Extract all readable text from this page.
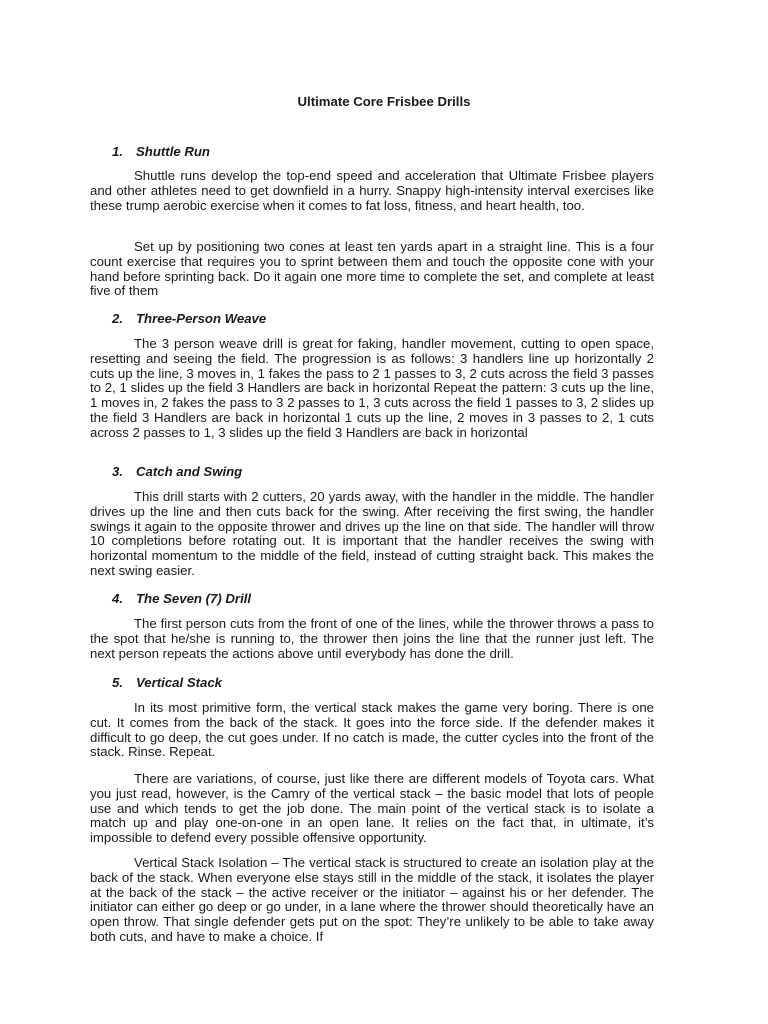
Ultimate Core Frisbee Drills
1. Shuttle Run

Shuttle runs develop the top-end speed and acceleration that Ultimate Frisbee players and other athletes need to get downfield in a hurry. Snappy high-intensity interval exercises like these trump aerobic exercise when it comes to fat loss, fitness, and heart health, too.

Set up by positioning two cones at least ten yards apart in a straight line. This is a four count exercise that requires you to sprint between them and touch the opposite cone with your hand before sprinting back. Do it again one more time to complete the set, and complete at least five of them

2. Three-Person Weave

The 3 person weave drill is great for faking, handler movement, cutting to open space, resetting and seeing the field. The progression is as follows: 3 handlers line up horizontally 2 cuts up the line, 3 moves in, 1 fakes the pass to 2 1 passes to 3, 2 cuts across the field 3 passes to 2, 1 slides up the field 3 Handlers are back in horizontal Repeat the pattern: 3 cuts up the line, 1 moves in, 2 fakes the pass to 3 2 passes to 1, 3 cuts across the field 1 passes to 3, 2 slides up the field 3 Handlers are back in horizontal 1 cuts up the line, 2 moves in 3 passes to 2, 1 cuts across 2 passes to 1, 3 slides up the field 3 Handlers are back in horizontal

3. Catch and Swing

This drill starts with 2 cutters, 20 yards away, with the handler in the middle. The handler drives up the line and then cuts back for the swing. After receiving the first swing, the handler swings it again to the opposite thrower and drives up the line on that side. The handler will throw 10 completions before rotating out. It is important that the handler receives the swing with horizontal momentum to the middle of the field, instead of cutting straight back. This makes the next swing easier.

4. The Seven (7) Drill

The first person cuts from the front of one of the lines, while the thrower throws a pass to the spot that he/she is running to, the thrower then joins the line that the runner just left. The next person repeats the actions above until everybody has done the drill.

5. Vertical Stack

In its most primitive form, the vertical stack makes the game very boring. There is one cut. It comes from the back of the stack. It goes into the force side. If the defender makes it difficult to go deep, the cut goes under. If no catch is made, the cutter cycles into the front of the stack. Rinse. Repeat.

There are variations, of course, just like there are different models of Toyota cars. What you just read, however, is the Camry of the vertical stack – the basic model that lots of people use and which tends to get the job done. The main point of the vertical stack is to isolate a match up and play one-on-one in an open lane. It relies on the fact that, in ultimate, it’s impossible to defend every possible offensive opportunity.

Vertical Stack Isolation – The vertical stack is structured to create an isolation play at the back of the stack. When everyone else stays still in the middle of the stack, it isolates the player at the back of the stack – the active receiver or the initiator – against his or her defender. The initiator can either go deep or go under, in a lane where the thrower should theoretically have an open throw. That single defender gets put on the spot: They’re unlikely to be able to take away both cuts, and have to make a choice. If
